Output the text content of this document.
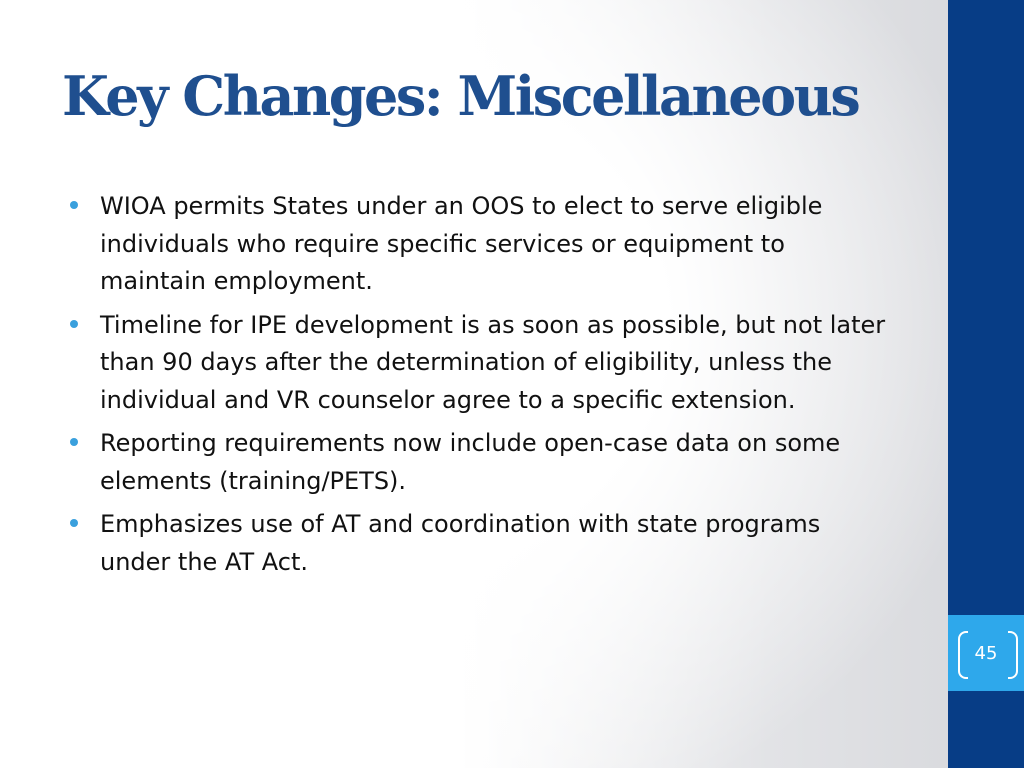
Key Changes: Miscellaneous
WIOA permits States under an OOS to elect to serve eligible individuals who require specific services or equipment to maintain employment.
Timeline for IPE development is as soon as possible, but not later than 90 days after the determination of eligibility, unless the individual and VR counselor agree to a specific extension.
Reporting requirements now include open-case data on some elements (training/PETS).
Emphasizes use of AT and coordination with state programs under the AT Act.
45
